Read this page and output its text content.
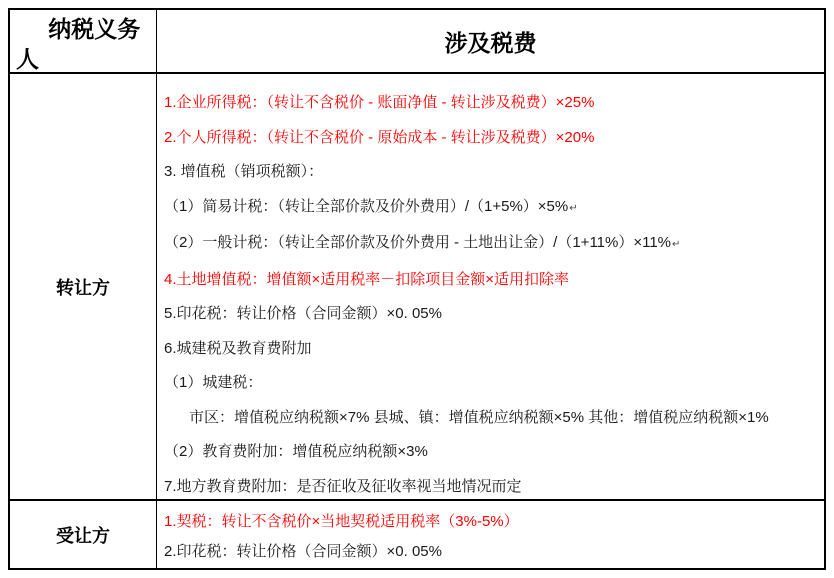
纳税义务人
涉及税费
转让方
1.企业所得税：（转让不含税价 - 账面净值 - 转让涉及税费）×25%
2.个人所得税：（转让不含税价 - 原始成本 - 转让涉及税费）×20%
3. 增值税（销项税额）：
（1）简易计税：（转让全部价款及价外费用）/（1+5%）×5%↵
（2）一般计税：（转让全部价款及价外费用 - 土地出让金）/（1+11%）×11%↵
4.土地增值税：增值额×适用税率－扣除项目金额×适用扣除率
5.印花税：转让价格（合同金额）×0. 05%
6.城建税及教育费附加
（1）城建税：
市区：增值税应纳税额×7% 县城、镇：增值税应纳税额×5% 其他：增值税应纳税额×1%
（2）教育费附加：增值税应纳税额×3%
7.地方教育费附加：是否征收及征收率视当地情况而定
受让方
1.契税：转让不含税价×当地契税适用税率（3%-5%）
2.印花税：转让价格（合同金额）×0. 05%
